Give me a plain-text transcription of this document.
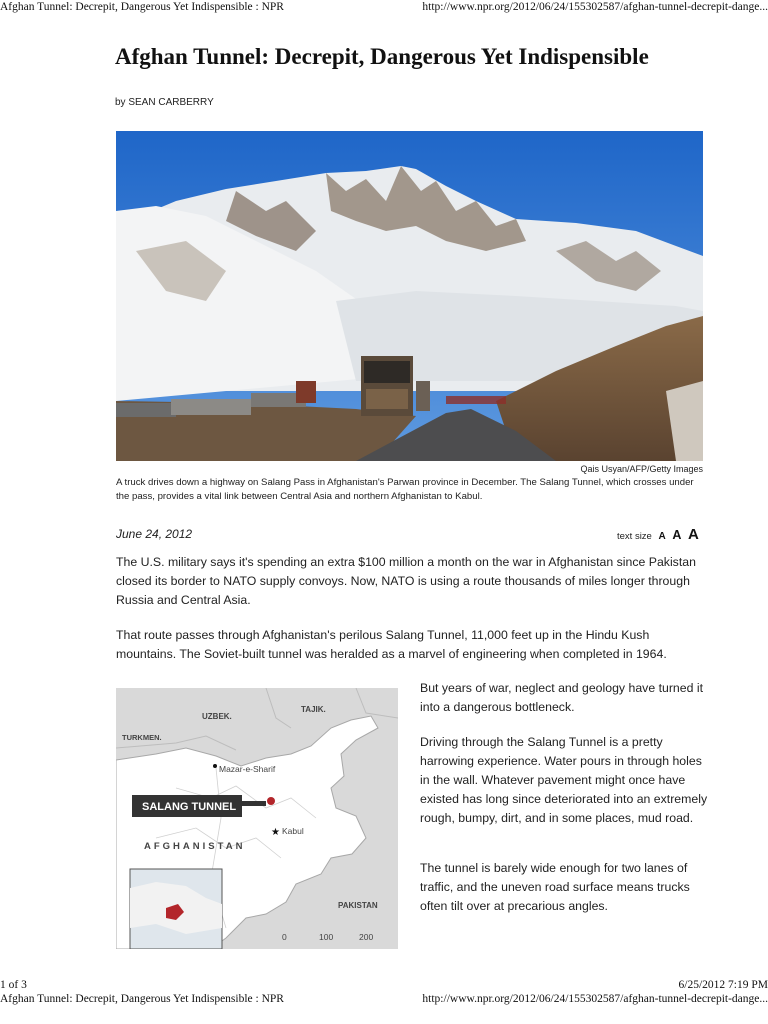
Afghan Tunnel: Decrepit, Dangerous Yet Indispensible : NPR	http://www.npr.org/2012/06/24/155302587/afghan-tunnel-decrepit-dange...
Afghan Tunnel: Decrepit, Dangerous Yet Indispensible
by SEAN CARBERRY
Qais Usyan/AFP/Getty Images
A truck drives down a highway on Salang Pass in Afghanistan's Parwan province in December. The Salang Tunnel, which crosses under the pass, provides a vital link between Central Asia and northern Afghanistan to Kabul.
June 24, 2012	text size A A A
The U.S. military says it's spending an extra $100 million a month on the war in Afghanistan since Pakistan closed its border to NATO supply convoys. Now, NATO is using a route thousands of miles longer through Russia and Central Asia.
That route passes through Afghanistan's perilous Salang Tunnel, 11,000 feet up in the Hindu Kush mountains. The Soviet-built tunnel was heralded as a marvel of engineering when completed in 1964.
But years of war, neglect and geology have turned it into a dangerous bottleneck.
Driving through the Salang Tunnel is a pretty harrowing experience. Water pours in through holes in the wall. Whatever pavement might once have existed has long since deteriorated into an extremely rough, bumpy, dirt, and in some places, mud road.
The tunnel is barely wide enough for two lanes of traffic, and the uneven road surface means trucks often tilt over at precarious angles.
UZBEK.
TAJIK.
TURKMEN.
Mazar-e-Sharif
SALANG TUNNEL
★ Kabul
AFGHANISTAN
PAKISTAN
0	100	200
1 of 3	6/25/2012 7:19 PM
Afghan Tunnel: Decrepit, Dangerous Yet Indispensible : NPR	http://www.npr.org/2012/06/24/155302587/afghan-tunnel-decrepit-dange...
